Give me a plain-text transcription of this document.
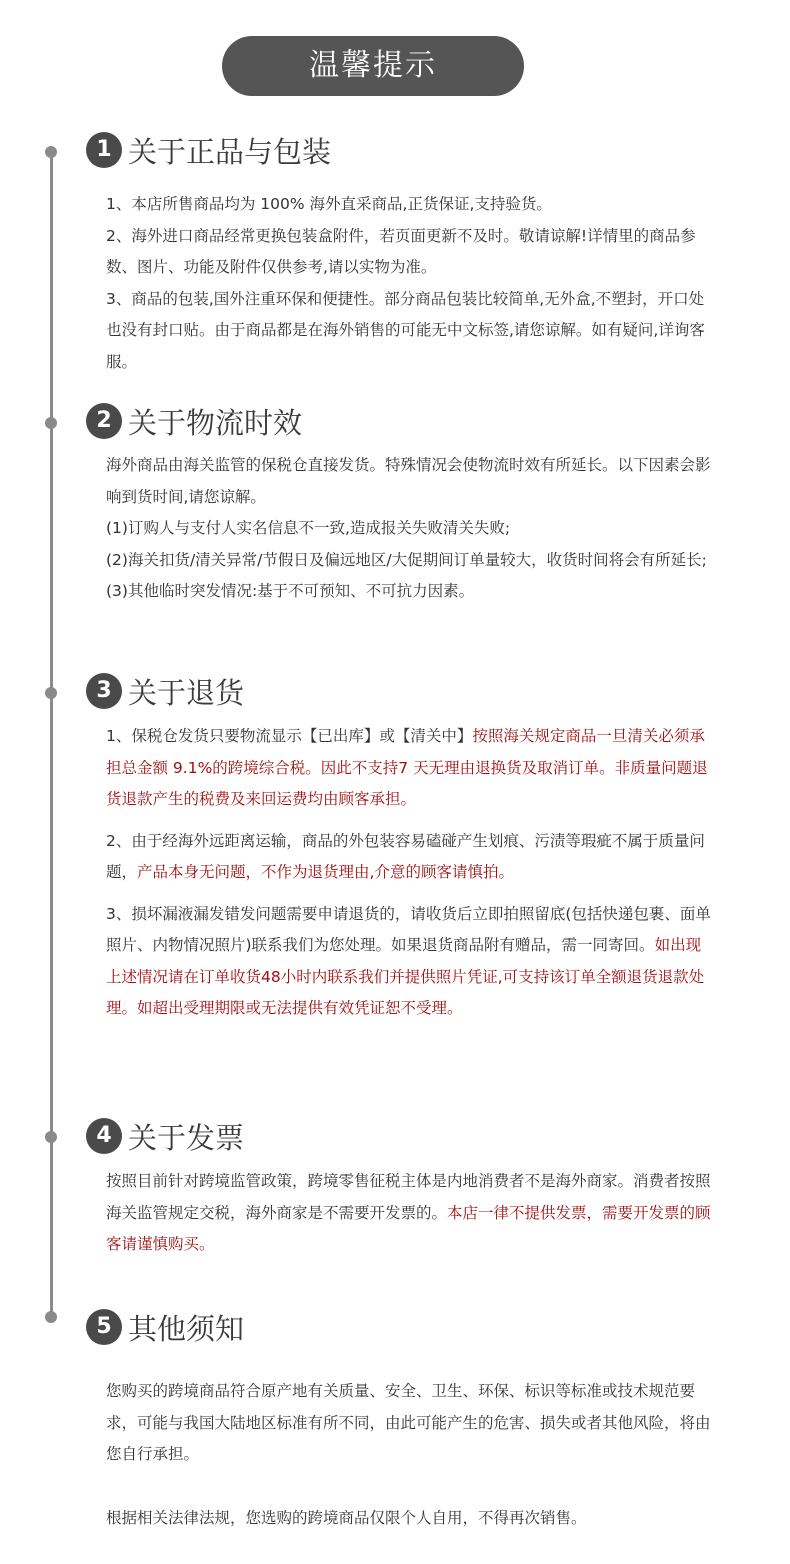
温馨提示
1 关于正品与包装

1、本店所售商品均为 100% 海外直采商品,正货保证,支持验货。

2、海外进口商品经常更换包装盒附件，若页面更新不及时。敬请谅解!详情里的商品参数、图片、功能及附件仅供参考,请以实物为准。

3、商品的包装,国外注重环保和便捷性。部分商品包装比较简单,无外盒,不塑封，开口处也没有封口贴。由于商品都是在海外销售的可能无中文标签,请您谅解。如有疑问,详询客服。

2 关于物流时效

海外商品由海关监管的保税仓直接发货。特殊情况会使物流时效有所延长。以下因素会影响到货时间,请您谅解。

(1)订购人与支付人实名信息不一致,造成报关失败清关失败;

(2)海关扣货/清关异常/节假日及偏远地区/大促期间订单量较大，收货时间将会有所延长;

(3)其他临时突发情况:基于不可预知、不可抗力因素。

3 关于退货

1、保税仓发货只要物流显示【已出库】或【清关中】按照海关规定商品一旦清关必须承担总金额 9.1%的跨境综合税。因此不支持7 天无理由退换货及取消订单。非质量问题退货退款产生的税费及来回运费均由顾客承担。

2、由于经海外远距离运输，商品的外包装容易磕碰产生划痕、污渍等瑕疵不属于质量问题，产品本身无问题，不作为退货理由,介意的顾客请慎拍。

3、损坏漏液漏发错发问题需要申请退货的，请收货后立即拍照留底(包括快递包裹、面单照片、内物情况照片)联系我们为您处理。如果退货商品附有赠品，需一同寄回。如出现上述情况请在订单收货48小时内联系我们并提供照片凭证,可支持该订单全额退货退款处理。如超出受理期限或无法提供有效凭证恕不受理。

4 关于发票

按照目前针对跨境监管政策，跨境零售征税主体是内地消费者不是海外商家。消费者按照海关监管规定交税，海外商家是不需要开发票的。本店一律不提供发票，需要开发票的顾客请谨慎购买。

5 其他须知

您购买的跨境商品符合原产地有关质量、安全、卫生、环保、标识等标准或技术规范要求，可能与我国大陆地区标准有所不同，由此可能产生的危害、损失或者其他风险，将由您自行承担。

根据相关法律法规，您选购的跨境商品仅限个人自用，不得再次销售。
